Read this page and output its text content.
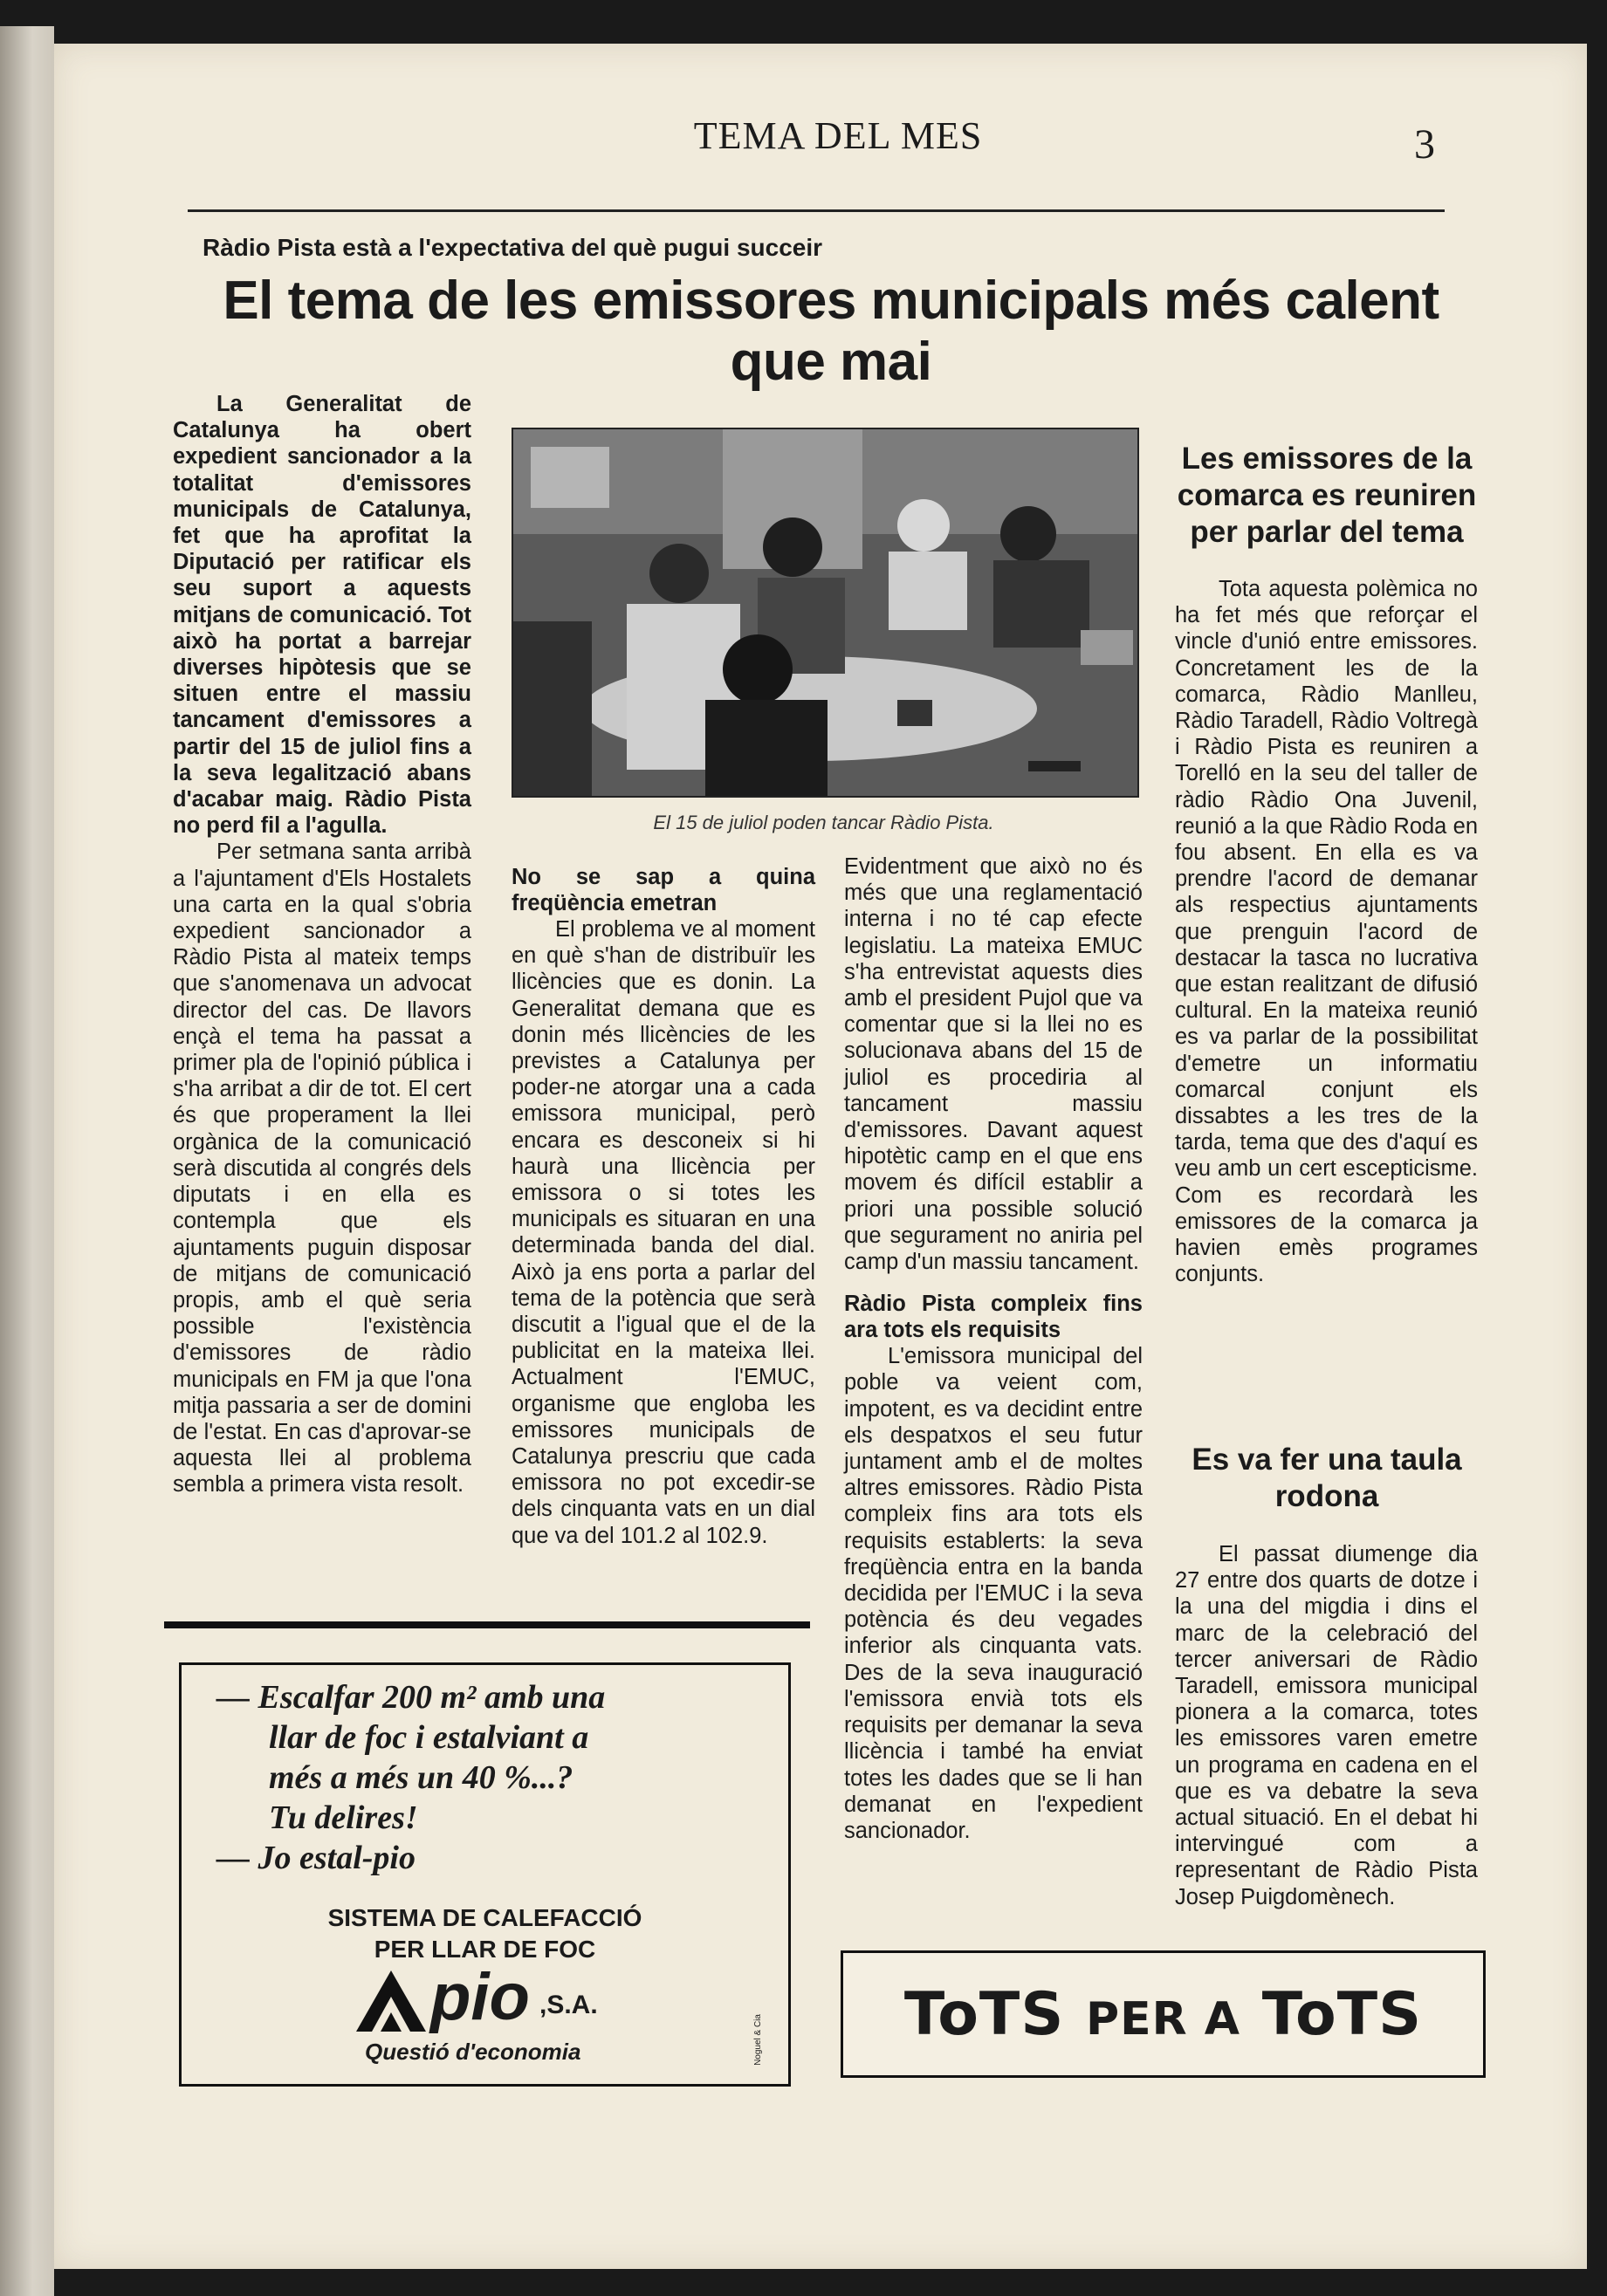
TEMA DEL MES	3
Ràdio Pista està a l'expectativa del què pugui succeir
El tema de les emissores municipals més calent que mai

La Generalitat de Catalunya ha obert expedient sancionador a la totalitat d'emissores municipals de Catalunya, fet que ha aprofitat la Diputació per ratificar els seu suport a aquests mitjans de comunicació. Tot això ha portat a barrejar diverses hipòtesis que se situen entre el massiu tancament d'emissores a partir del 15 de juliol fins a la seva legalització abans d'acabar maig. Ràdio Pista no perd fil a l'agulla.

Per setmana santa arribà a l'ajuntament d'Els Hostalets una carta en la qual s'obria expedient sancionador a Ràdio Pista al mateix temps que s'anomenava un advocat director del cas. De llavors ençà el tema ha passat a primer pla de l'opinió pública i s'ha arribat a dir de tot. El cert és que properament la llei orgànica de la comunicació serà discutida al congrés dels diputats i en ella es contempla que els ajuntaments puguin disposar de mitjans de comunicació propis, amb el què seria possible l'existència d'emissores de ràdio municipals en FM ja que l'ona mitja passaria a ser de domini de l'estat. En cas d'aprovar-se aquesta llei al problema sembla a primera vista resolt.

El 15 de juliol poden tancar Ràdio Pista.

No se sap a quina freqüència emetran

El problema ve al moment en què s'han de distribuïr les llicències que es donin. La Generalitat demana que es donin més llicències de les previstes a Catalunya per poder-ne atorgar una a cada emissora municipal, però encara es desconeix si hi haurà una llicència per emissora o si totes les municipals es situaran en una determinada banda del dial. Això ja ens porta a parlar del tema de la potència que serà discutit a l'igual que el de la publicitat en la mateixa llei. Actualment l'EMUC, organisme que engloba les emissores municipals de Catalunya prescriu que cada emissora no pot excedir-se dels cinquanta vats en un dial que va del 101.2 al 102.9.

Evidentment que això no és més que una reglamentació interna i no té cap efecte legislatiu. La mateixa EMUC s'ha entrevistat aquests dies amb el president Pujol que va comentar que si la llei no es solucionava abans del 15 de juliol es procediria al tancament massiu d'emissores. Davant aquest hipotètic camp en el que ens movem és difícil establir a priori una possible solució que segurament no aniria pel camp d'un massiu tancament.

Ràdio Pista compleix fins ara tots els requisits

L'emissora municipal del poble va veient com, impotent, es va decidint entre els despatxos el seu futur juntament amb el de moltes altres emissores. Ràdio Pista compleix fins ara tots els requisits establerts: la seva freqüència entra en la banda decidida per l'EMUC i la seva potència és deu vegades inferior als cinquanta vats. Des de la seva inauguració l'emissora envià tots els requisits per demanar la seva llicència i també ha enviat totes les dades que se li han demanat en l'expedient sancionador.

Les emissores de la comarca es reuniren per parlar del tema

Tota aquesta polèmica no ha fet més que reforçar el vincle d'unió entre emissores. Concretament les de la comarca, Ràdio Manlleu, Ràdio Taradell, Ràdio Voltregà i Ràdio Pista es reuniren a Torelló en la seu del taller de ràdio Ràdio Ona Juvenil, reunió a la que Ràdio Roda en fou absent. En ella es va prendre l'acord de demanar als respectius ajuntaments que prenguin l'acord de destacar la tasca no lucrativa que estan realitzant de difusió cultural. En la mateixa reunió es va parlar de la possibilitat d'emetre un informatiu comarcal conjunt els dissabtes a les tres de la tarda, tema que des d'aquí es veu amb un cert escepticisme. Com es recordarà les emissores de la comarca ja havien emès programes conjunts.

Es va fer una taula rodona

El passat diumenge dia 27 entre dos quarts de dotze i la una del migdia i dins el marc de la celebració del tercer aniversari de Ràdio Taradell, emissora municipal pionera a la comarca, totes les emissores varen emetre un programa en cadena en el que es va debatre la seva actual situació. En el debat hi intervingué com a representant de Ràdio Pista Josep Puigdomènech.

— Escalfar 200 m² amb una
llar de foc i estalviant a
més a més un 40 %...?
Tu delires!
— Jo estal-pio
SISTEMA DE CALEFACCIÓ
PER LLAR DE FOC
pio ,S.A.
Questió d'economia	Noguel & Cia ToTS PER A ToTS
